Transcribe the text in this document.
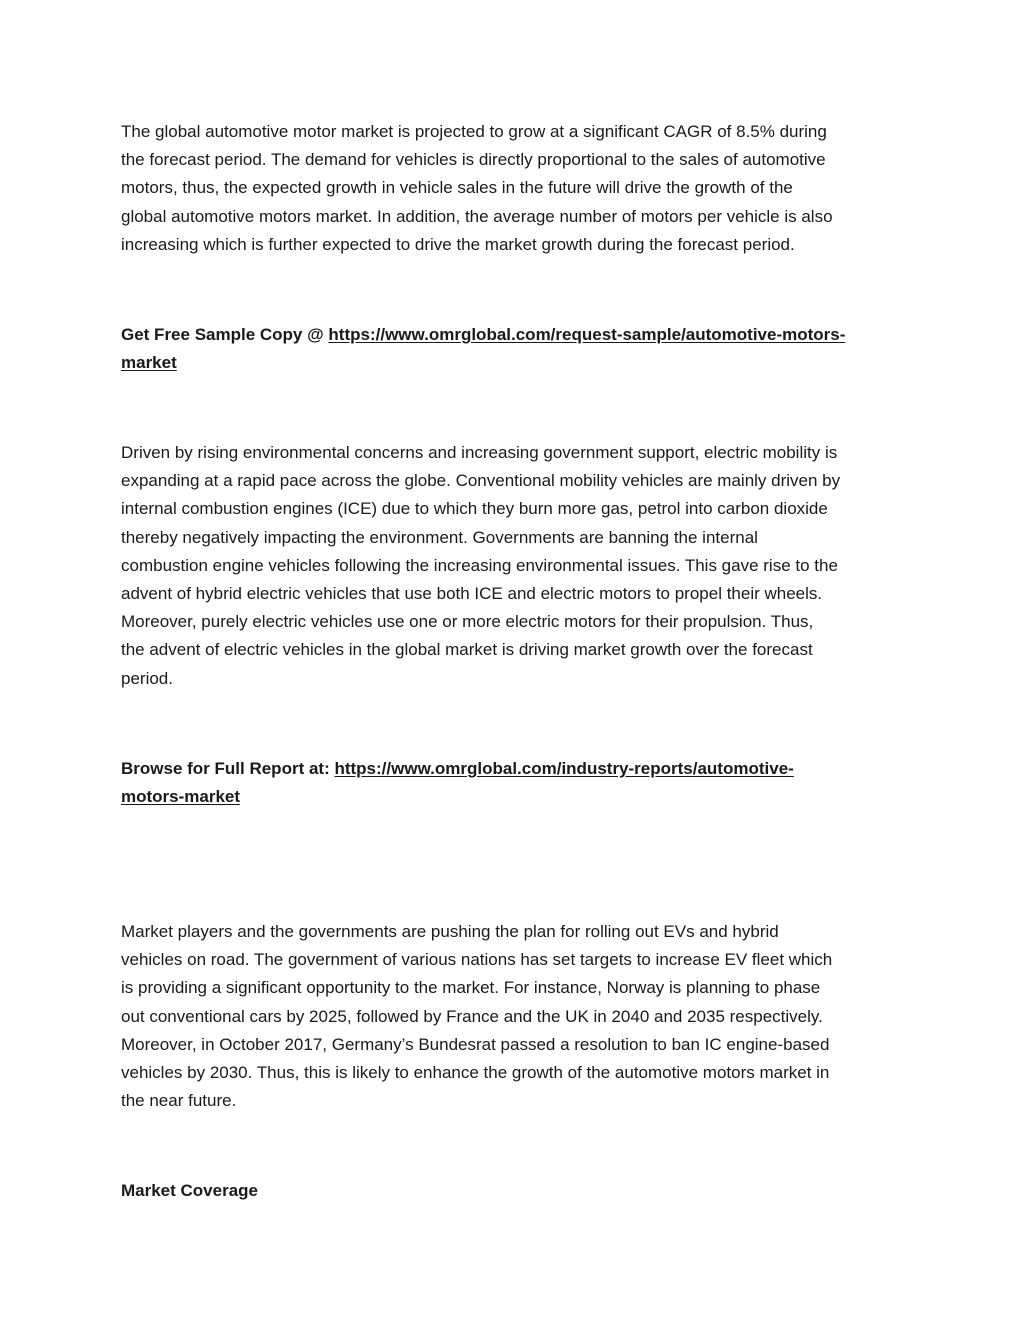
The global automotive motor market is projected to grow at a significant CAGR of 8.5% during
the forecast period. The demand for vehicles is directly proportional to the sales of automotive
motors, thus, the expected growth in vehicle sales in the future will drive the growth of the
global automotive motors market. In addition, the average number of motors per vehicle is also
increasing which is further expected to drive the market growth during the forecast period.
Get Free Sample Copy @ https://www.omrglobal.com/request-sample/automotive-motors-
market
Driven by rising environmental concerns and increasing government support, electric mobility is
expanding at a rapid pace across the globe. Conventional mobility vehicles are mainly driven by
internal combustion engines (ICE) due to which they burn more gas, petrol into carbon dioxide
thereby negatively impacting the environment. Governments are banning the internal
combustion engine vehicles following the increasing environmental issues. This gave rise to the
advent of hybrid electric vehicles that use both ICE and electric motors to propel their wheels.
Moreover, purely electric vehicles use one or more electric motors for their propulsion. Thus,
the advent of electric vehicles in the global market is driving market growth over the forecast
period.
Browse for Full Report at: https://www.omrglobal.com/industry-reports/automotive-
motors-market
Market players and the governments are pushing the plan for rolling out EVs and hybrid
vehicles on road. The government of various nations has set targets to increase EV fleet which
is providing a significant opportunity to the market. For instance, Norway is planning to phase
out conventional cars by 2025, followed by France and the UK in 2040 and 2035 respectively.
Moreover, in October 2017, Germany’s Bundesrat passed a resolution to ban IC engine-based
vehicles by 2030. Thus, this is likely to enhance the growth of the automotive motors market in
the near future.
Market Coverage
